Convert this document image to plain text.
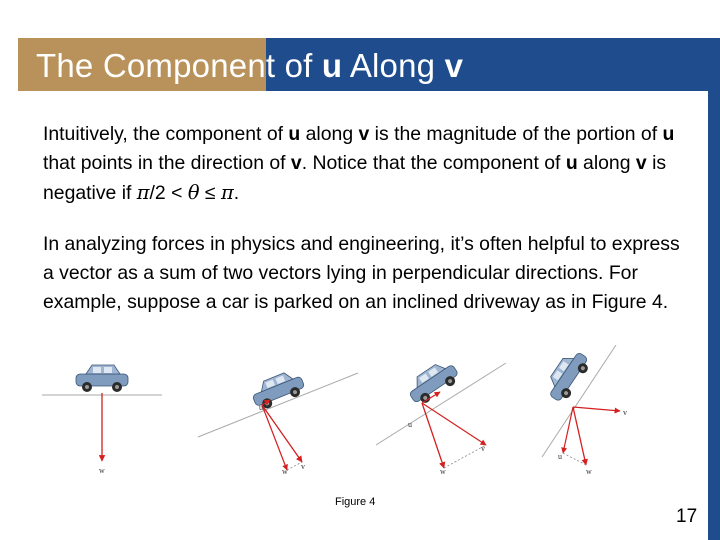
The Component of u Along v

Intuitively, the component of u along v is the magnitude of the portion of u that points in the direction of v. Notice that the component of u along v is negative if π/2 < θ ≤ π.

In analyzing forces in physics and engineering, it’s often helpful to express a vector as a sum of two vectors lying in perpendicular directions. For example, suppose a car is parked on an inclined driveway as in Figure 4.

w
u
w
v
u
w
v
u
w
v
Figure 4
17
